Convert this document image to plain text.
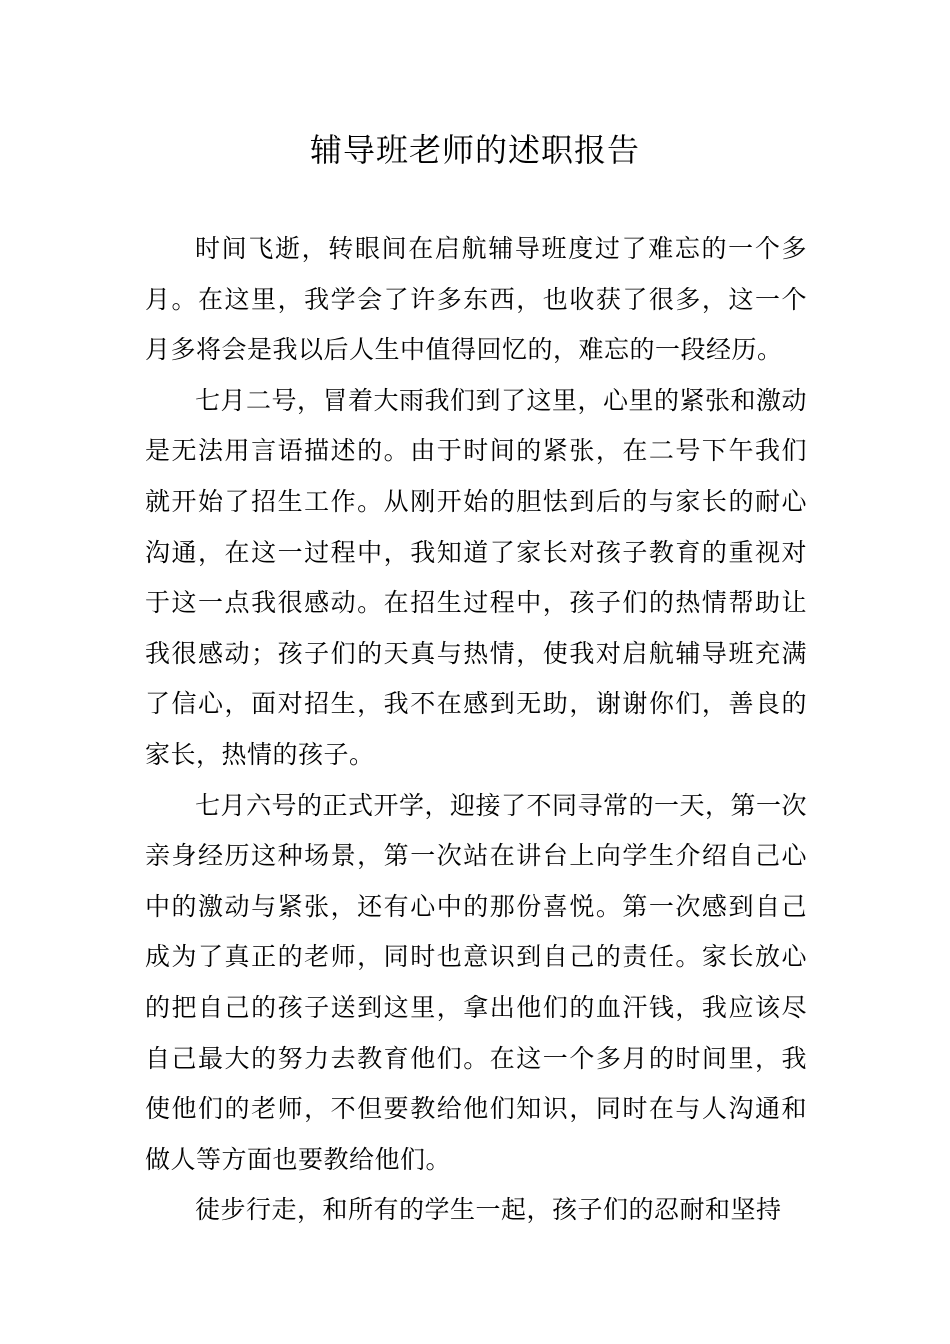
辅导班老师的述职报告

时间飞逝，转眼间在启航辅导班度过了难忘的一个多月。在这里，我学会了许多东西，也收获了很多，这一个月多将会是我以后人生中值得回忆的，难忘的一段经历。

七月二号，冒着大雨我们到了这里，心里的紧张和激动是无法用言语描述的。由于时间的紧张，在二号下午我们就开始了招生工作。从刚开始的胆怯到后的与家长的耐心沟通，在这一过程中，我知道了家长对孩子教育的重视对于这一点我很感动。在招生过程中，孩子们的热情帮助让我很感动；孩子们的天真与热情，使我对启航辅导班充满了信心，面对招生，我不在感到无助，谢谢你们，善良的家长，热情的孩子。

七月六号的正式开学，迎接了不同寻常的一天，第一次亲身经历这种场景，第一次站在讲台上向学生介绍自己心中的激动与紧张，还有心中的那份喜悦。第一次感到自己成为了真正的老师，同时也意识到自己的责任。家长放心的把自己的孩子送到这里，拿出他们的血汗钱，我应该尽自己最大的努力去教育他们。在这一个多月的时间里，我使他们的老师，不但要教给他们知识，同时在与人沟通和做人等方面也要教给他们。

徒步行走，和所有的学生一起，孩子们的忍耐和坚持
